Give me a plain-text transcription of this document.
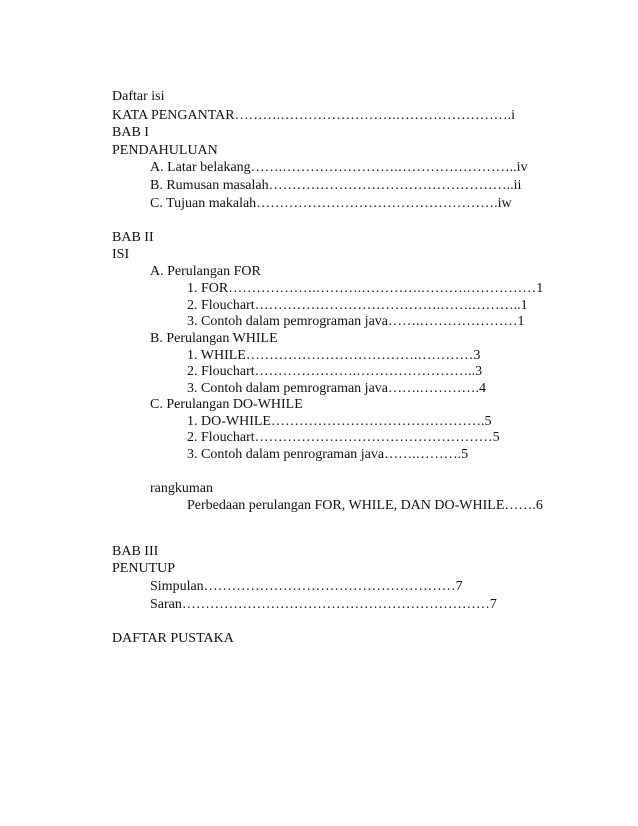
Daftar isi
KATA PENGANTAR……….…………………….…………………….i
BAB I
PENDAHULUAN
A. Latar belakang…….…………………….……………………..iv
B. Rumusan masalah……………………………………………..ii
C. Tujuan makalah…………………………………………….iw
BAB II
ISI
A. Perulangan FOR
1. FOR……………….……….………….……….……………1
2. Flouchart………………………………….…….………..1
3. Contoh dalam pemrograman java…….…………………1
B. Perulangan WHILE
1. WHILE……………………………….…………3
2. Flouchart………………….……………………..3
3. Contoh dalam pemrograman java…….………….4
C. Perulangan DO-WHILE
1. DO-WHILE……………………………………….5
2. Flouchart……………………………………………5
3. Contoh dalam penrograman java…….……….5
rangkuman
Perbedaan perulangan FOR, WHILE, DAN DO-WHILE…….6
BAB III
PENUTUP
Simpulan………………………………………………7
Saran…………………………………………………………7
DAFTAR PUSTAKA
